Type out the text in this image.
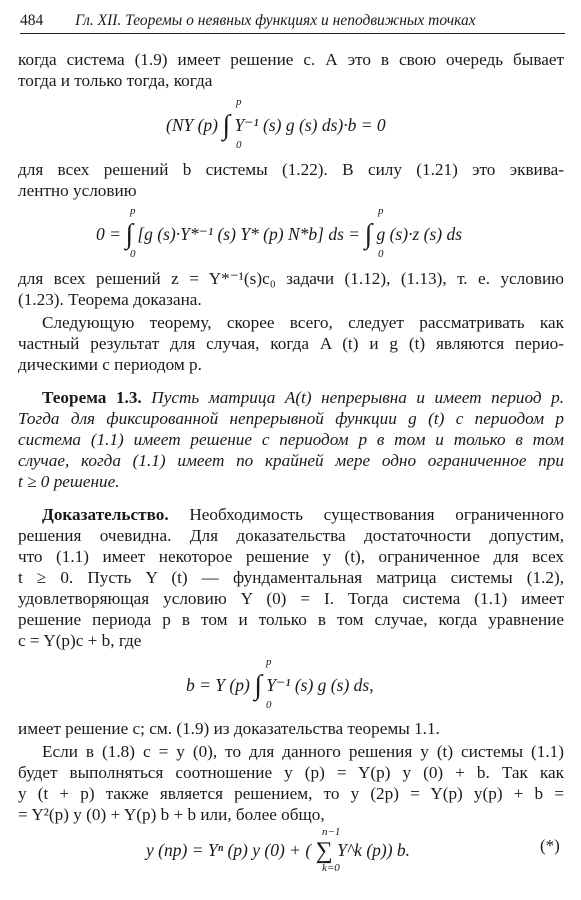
484 Гл. XII. Теоремы о неявных функциях и неподвижных точках
когда система (1.9) имеет решение c. А это в свою очередь бывает
тогда и только тогда, когда
(NY (p) ∫ Y⁻¹ (s) g (s) ds)·b = 0
p
0
для всех решений b системы (1.22). В силу (1.21) это эквива-
лентно условию
0 = ∫ [g (s)·Y*⁻¹ (s) Y* (p) N*b] ds = ∫ g (s)·z (s) ds
p
0
p
0
для всех решений z = Y*⁻¹(s)c₀ задачи (1.12), (1.13), т. е. условию
(1.23). Теорема доказана.
Следующую теорему, скорее всего, следует рассматривать как
частный результат для случая, когда A (t) и g (t) являются перио-
дическими с периодом p.
Теорема 1.3. Пусть матрица A(t) непрерывна и имеет период p.
Тогда для фиксированной непрерывной функции g (t) с периодом p
система (1.1) имеет решение с периодом p в том и только в том
случае, когда (1.1) имеет по крайней мере одно ограниченное при
t ≥ 0 решение.
Доказательство. Необходимость существования ограниченного
решения очевидна. Для доказательства достаточности допустим,
что (1.1) имеет некоторое решение y (t), ограниченное для всех
t ≥ 0. Пусть Y (t) — фундаментальная матрица системы (1.2),
удовлетворяющая условию Y (0) = I. Тогда система (1.1) имеет
решение периода p в том и только в том случае, когда уравнение
c = Y(p)c + b, где
b = Y (p) ∫ Y⁻¹ (s) g (s) ds,
p
0
имеет решение c; см. (1.9) из доказательства теоремы 1.1.
Если в (1.8) c = y (0), то для данного решения y (t) системы (1.1)
будет выполняться соотношение y (p) = Y(p) y (0) + b. Так как
y (t + p) также является решением, то y (2p) = Y(p) y(p) + b =
= Y²(p) y (0) + Y(p) b + b или, более общо,
y (np) = Yⁿ (p) y (0) + ( ∑ Y^k (p)) b.
n−1
k=0
(*)
